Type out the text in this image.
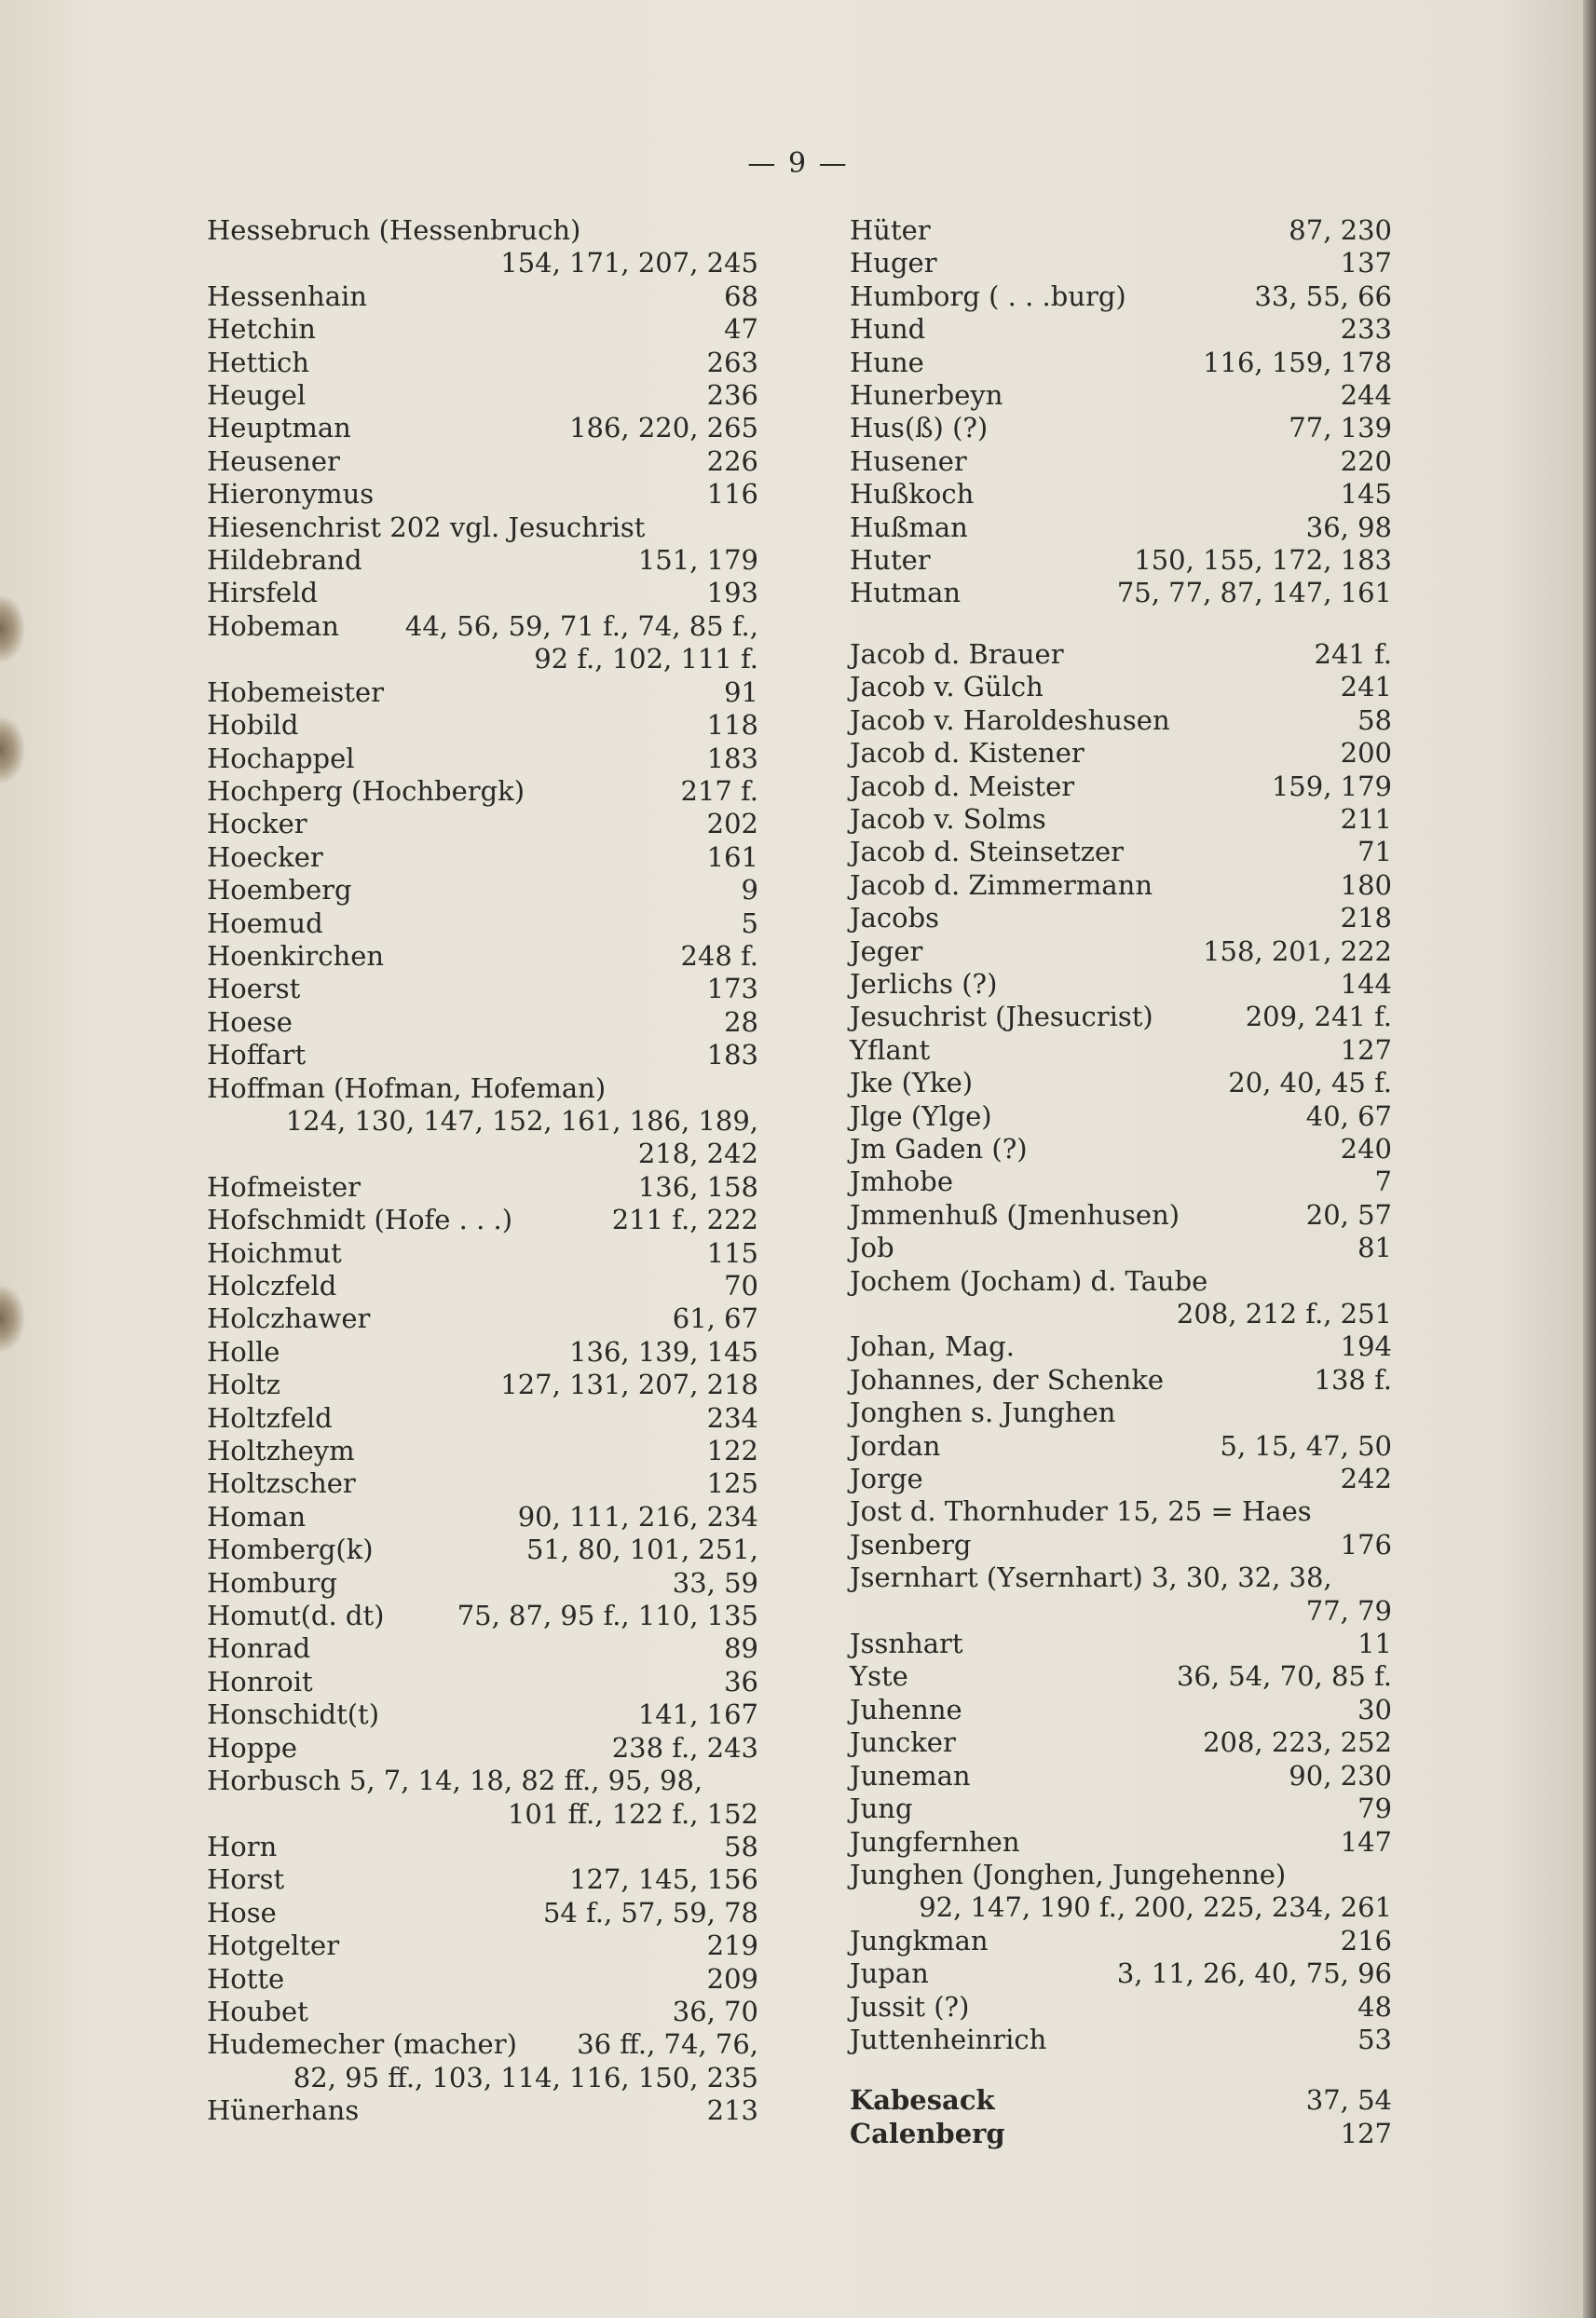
— 9 —
Hessebruch (Hessenbruch)
154, 171, 207, 245
Hessenhain	68
Hetchin	47
Hettich	263
Heugel	236
Heuptman	186, 220, 265
Heusener	226
Hieronymus	116
Hiesenchrist 202 vgl. Jesuchrist
Hildebrand	151, 179
Hirsfeld	193
Hobeman 44, 56, 59, 71 f., 74, 85 f.,
92 f., 102, 111 f.
Hobemeister	91
Hobild	118
Hochappel	183
Hochperg (Hochbergk)	217 f.
Hocker	202
Hoecker	161
Hoemberg	9
Hoemud	5
Hoenkirchen	248 f.
Hoerst	173
Hoese	28
Hoffart	183
Hoffman (Hofman, Hofeman)
124, 130, 147, 152, 161, 186, 189,
218, 242
Hofmeister	136, 158
Hofschmidt (Hofe . . .)	211 f., 222
Hoichmut	115
Holczfeld	70
Holczhawer	61, 67
Holle	136, 139, 145
Holtz	127, 131, 207, 218
Holtzfeld	234
Holtzheym	122
Holtzscher	125
Homan	90, 111, 216, 234
Homberg(k)	51, 80, 101, 251,
Homburg	33, 59
Homut(d. dt)	75, 87, 95 f., 110, 135
Honrad	89
Honroit	36
Honschidt(t)	141, 167
Hoppe	238 f., 243
Horbusch 5, 7, 14, 18, 82 ff., 95, 98,
101 ff., 122 f., 152
Horn	58
Horst	127, 145, 156
Hose	54 f., 57, 59, 78
Hotgelter	219
Hotte	209
Houbet	36, 70
Hudemecher (macher) 36 ff., 74, 76,
82, 95 ff., 103, 114, 116, 150, 235
Hünerhans	213
Hüter	87, 230
Huger	137
Humborg ( . . .burg)	33, 55, 66
Hund	233
Hune	116, 159, 178
Hunerbeyn	244
Hus(ß) (?)	77, 139
Husener	220
Hußkoch	145
Hußman	36, 98
Huter	150, 155, 172, 183
Hutman	75, 77, 87, 147, 161
Jacob d. Brauer	241 f.
Jacob v. Gülch	241
Jacob v. Haroldeshusen	58
Jacob d. Kistener	200
Jacob d. Meister	159, 179
Jacob v. Solms	211
Jacob d. Steinsetzer	71
Jacob d. Zimmermann	180
Jacobs	218
Jeger	158, 201, 222
Jerlichs (?)	144
Jesuchrist (Jhesucrist)	209, 241 f.
Yflant	127
Jke (Yke)	20, 40, 45 f.
Jlge (Ylge)	40, 67
Jm Gaden (?)	240
Jmhobe	7
Jmmenhuß (Jmenhusen)	20, 57
Job	81
Jochem (Jocham) d. Taube
208, 212 f., 251
Johan, Mag.	194
Johannes, der Schenke	138 f.
Jonghen s. Junghen
Jordan	5, 15, 47, 50
Jorge	242
Jost d. Thornhuder 15, 25 = Haes
Jsenberg	176
Jsernhart (Ysernhart) 3, 30, 32, 38,
77, 79
Jssnhart	11
Yste	36, 54, 70, 85 f.
Juhenne	30
Juncker	208, 223, 252
Juneman	90, 230
Jung	79
Jungfernhen	147
Junghen (Jonghen, Jungehenne)
92, 147, 190 f., 200, 225, 234, 261
Jungkman	216
Jupan	3, 11, 26, 40, 75, 96
Jussit (?)	48
Juttenheinrich	53
Kabesack	37, 54
Calenberg	127
